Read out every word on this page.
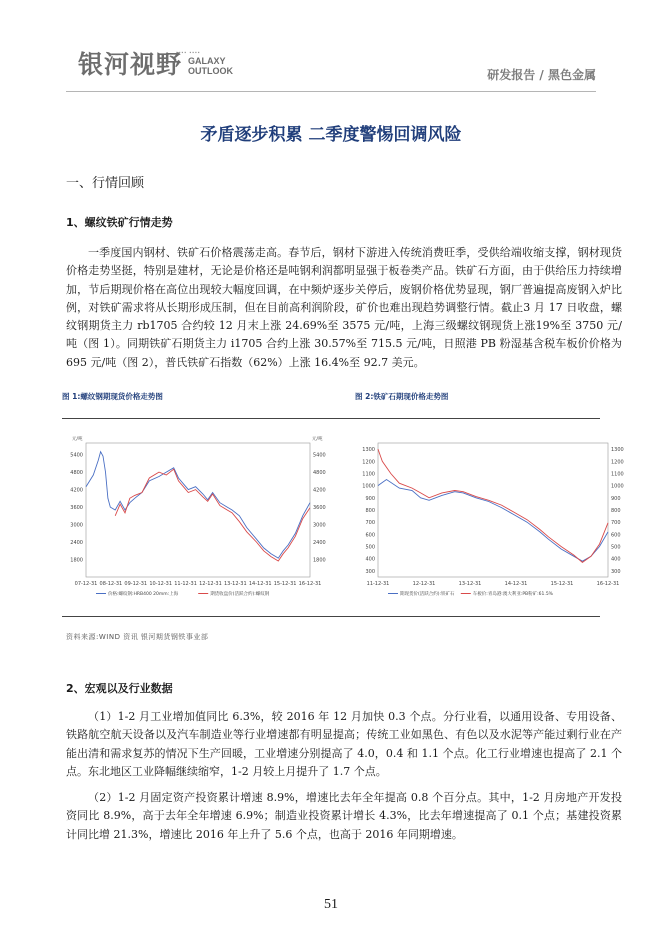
▪▪▪▪ ▪▪▪▪
银河视野 GALAXY
OUTLOOK	研发报告 / 黑色金属
矛盾逐步积累 二季度警惕回调风险
一、行情回顾
1、螺纹铁矿行情走势
一季度国内钢材、铁矿石价格震荡走高。春节后，钢材下游进入传统消费旺季，受供给端收缩支撑，钢材现货价格走势坚挺，特别是建材，无论是价格还是吨钢利润都明显强于板卷类产品。铁矿石方面，由于供给压力持续增加，节后期现价格在高位出现较大幅度回调，在中频炉逐步关停后，废钢价格优势显现，钢厂普遍提高废钢入炉比例，对铁矿需求将从长期形成压制，但在目前高利润阶段，矿价也难出现趋势调整行情。截止3 月 17 日收盘，螺纹钢期货主力 rb1705 合约较 12 月末上涨 24.69%至 3575 元/吨，上海三级螺纹钢现货上涨19%至 3750 元/吨（图 1）。同期铁矿石期货主力 i1705 合约上涨 30.57%至 715.5 元/吨，日照港 PB 粉湿基含税车板价价格为 695 元/吨（图 2），普氏铁矿石指数（62%）上涨 16.4%至 92.7 美元。
图 1:螺纹钢期现货价格走势图	图 2:铁矿石期现价格走势图
1800	1800
2400	2400
3000	3000
3600	3600
4200	4200
4800	4800
5400	5400
07-12-31 08-12-31 09-12-31 10-12-31 11-12-31 12-12-31 13-12-31 14-12-31 15-12-31 16-12-31
元/吨	元/吨
价格:螺纹钢:HRB400 20mm:上海	期货收盘价(活跃合约):螺纹钢
300	300
400	400
500	500
600	600
700	700
800	800
900	900
1000	1000
1100	1100
1200	1200
1300	1300
11-12-31	12-12-31	13-12-31	14-12-31	15-12-31	16-12-31
期现货价(活跃合约):铁矿石	车板价:青岛港:澳大利亚:PB粉矿:61.5%
资料来源:WIND 资讯 银河期货钢铁事业部
2、宏观以及行业数据
（1）1-2 月工业增加值同比 6.3%，较 2016 年 12 月加快 0.3 个点。分行业看，以通用设备、专用设备、铁路航空航天设备以及汽车制造业等行业增速都有明显提高；传统工业如黑色、有色以及水泥等产能过剩行业在产能出清和需求复苏的情况下生产回暖，工业增速分别提高了 4.0，0.4 和 1.1 个点。化工行业增速也提高了 2.1 个点。东北地区工业降幅继续缩窄，1-2 月较上月提升了 1.7 个点。
（2）1-2 月固定资产投资累计增速 8.9%，增速比去年全年提高 0.8 个百分点。其中，1-2 月房地产开发投资同比 8.9%，高于去年全年增速 6.9%；制造业投资累计增长 4.3%，比去年增速提高了 0.1 个点；基建投资累计同比增 21.3%，增速比 2016 年上升了 5.6 个点，也高于 2016 年同期增速。
51
